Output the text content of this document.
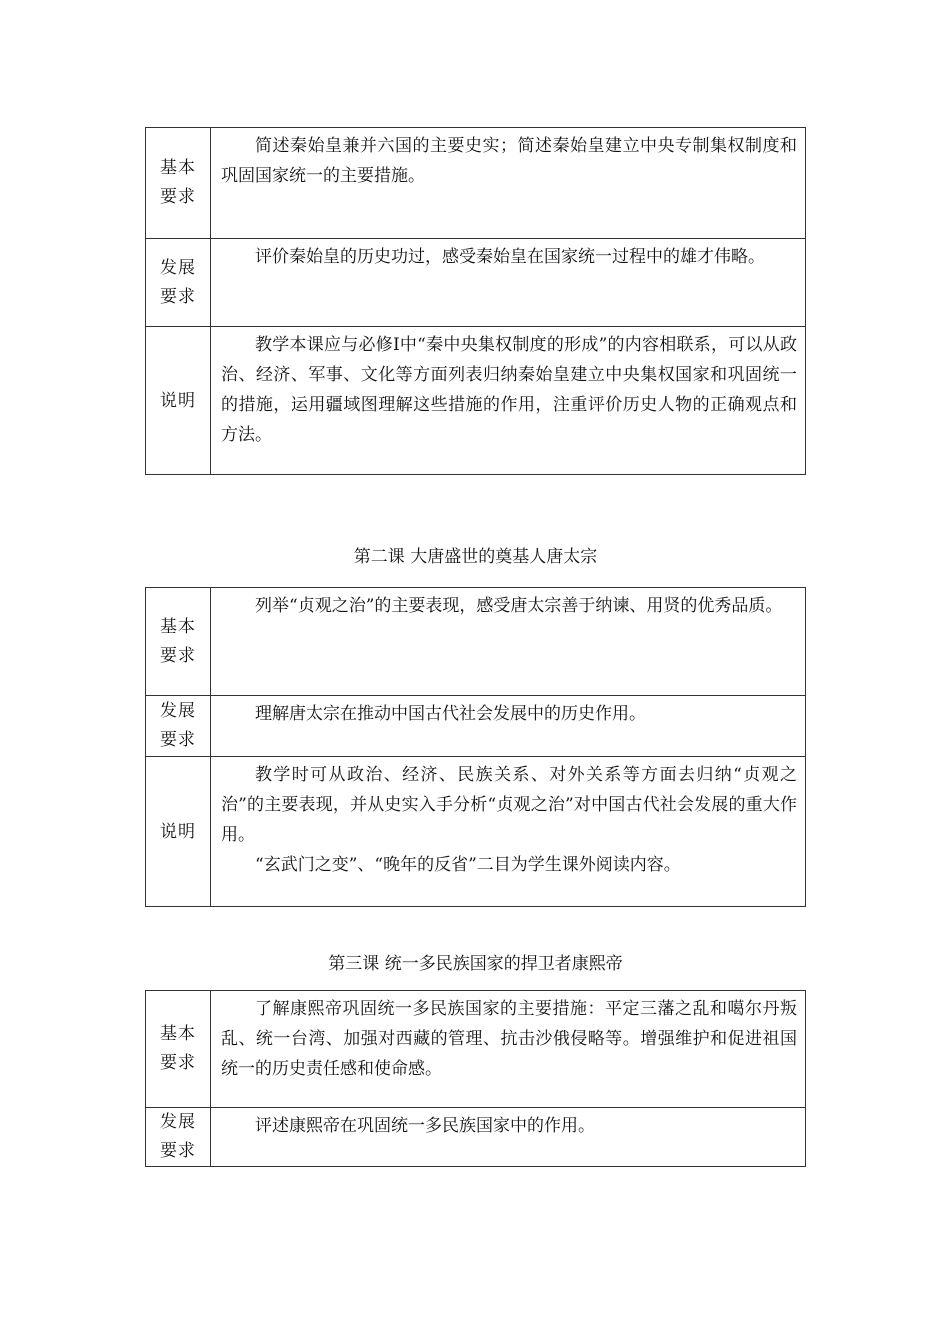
基本要求	简述秦始皇兼并六国的主要史实；简述秦始皇建立中央专制集权制度和巩固国家统一的主要措施。

发展要求	评价秦始皇的历史功过，感受秦始皇在国家统一过程中的雄才伟略。

说明	教学本课应与必修Ⅰ中“秦中央集权制度的形成”的内容相联系，可以从政治、经济、军事、文化等方面列表归纳秦始皇建立中央集权国家和巩固统一的措施，运用疆域图理解这些措施的作用，注重评价历史人物的正确观点和方法。

第二课 大唐盛世的奠基人唐太宗
基本要求	列举“贞观之治”的主要表现，感受唐太宗善于纳谏、用贤的优秀品质。

发展要求	理解唐太宗在推动中国古代社会发展中的历史作用。

说明	教学时可从政治、经济、民族关系、对外关系等方面去归纳“贞观之治”的主要表现，并从史实入手分析“贞观之治”对中国古代社会发展的重大作用。

“玄武门之变”、“晚年的反省”二目为学生课外阅读内容。

第三课 统一多民族国家的捍卫者康熙帝
基本要求	了解康熙帝巩固统一多民族国家的主要措施：平定三藩之乱和噶尔丹叛乱、统一台湾、加强对西藏的管理、抗击沙俄侵略等。增强维护和促进祖国统一的历史责任感和使命感。

发展要求	评述康熙帝在巩固统一多民族国家中的作用。
